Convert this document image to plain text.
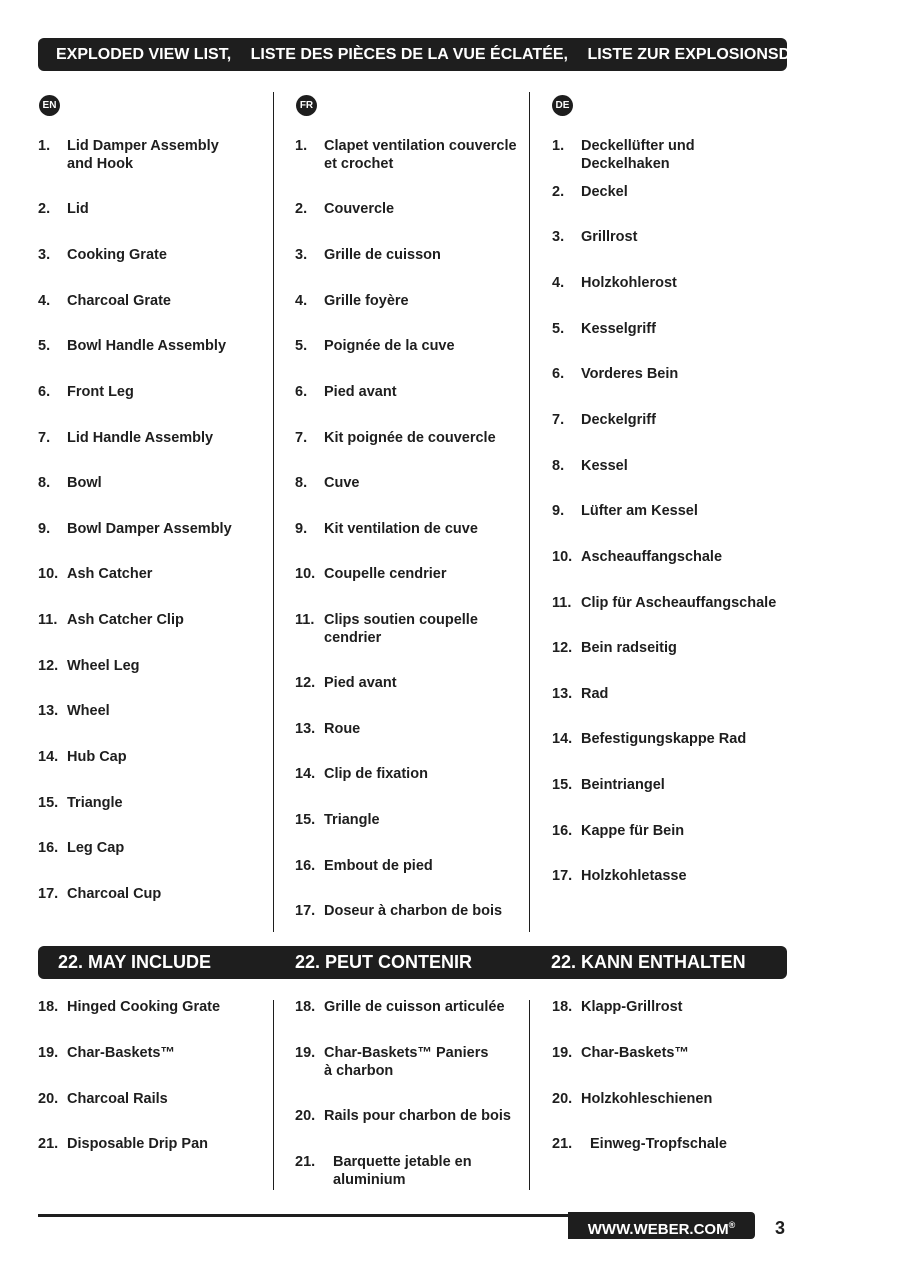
EXPLODED VIEW LIST, LISTE DES PIÈCES DE LA VUE ÉCLATÉE, LISTE ZUR EXPLOSIONSDARSTELLUNG
EN	FR	DE
1.	Lid Damper Assembly
and Hook
2.	Lid
3.	Cooking Grate
4.	Charcoal Grate
5.	Bowl Handle Assembly
6.	Front Leg
7.	Lid Handle Assembly
8.	Bowl
9.	Bowl Damper Assembly
10. Ash Catcher
11. Ash Catcher Clip
12. Wheel Leg
13. Wheel
14. Hub Cap
15. Triangle
16. Leg Cap
17. Charcoal Cup
1.	Clapet ventilation couvercle
et crochet
2.	Couvercle
3.	Grille de cuisson
4.	Grille foyère
5.	Poignée de la cuve
6.	Pied avant
7.	Kit poignée de couvercle
8.	Cuve
9.	Kit ventilation de cuve
10. Coupelle cendrier
11. Clips soutien coupelle
cendrier
12. Pied avant
13. Roue
14. Clip de fixation
15. Triangle
16. Embout de pied
17. Doseur à charbon de bois
1.	Deckellüfter und Deckelhaken
2.	Deckel
3.	Grillrost
4.	Holzkohlerost
5.	Kesselgriff
6.	Vorderes Bein
7.	Deckelgriff
8.	Kessel
9.	Lüfter am Kessel
10. Ascheauffangschale
11. Clip für Ascheauffangschale
12. Bein radseitig
13. Rad
14. Befestigungskappe Rad
15. Beintriangel
16. Kappe für Bein
17. Holzkohletasse
22. MAY INCLUDE	22. PEUT CONTENIR	22. KANN ENTHALTEN
18. Hinged Cooking Grate
19. Char-Baskets™
20. Charcoal Rails
21. Disposable Drip Pan
18. Grille de cuisson articulée
19. Char-Baskets™ Paniers
à charbon
20. Rails pour charbon de bois
21.	Barquette jetable en
aluminium
18. Klapp-Grillrost
19. Char-Baskets™
20. Holzkohleschienen
21.	Einweg-Tropfschale
WWW.WEBER.COM®	3
